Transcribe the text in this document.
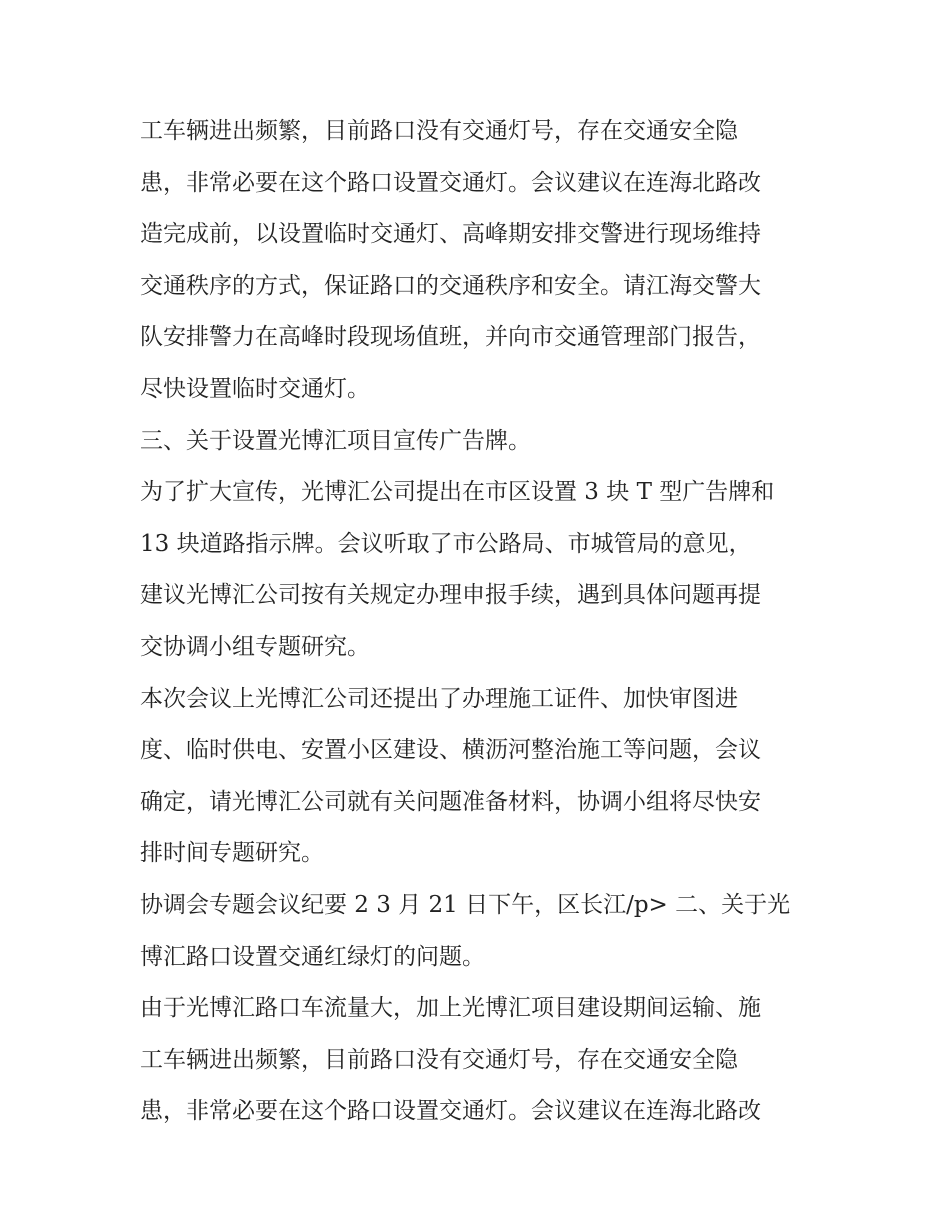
工车辆进出频繁，目前路口没有交通灯号，存在交通安全隐
患，非常必要在这个路口设置交通灯。会议建议在连海北路改
造完成前，以设置临时交通灯、高峰期安排交警进行现场维持
交通秩序的方式，保证路口的交通秩序和安全。请江海交警大
队安排警力在高峰时段现场值班，并向市交通管理部门报告，
尽快设置临时交通灯。
三、关于设置光博汇项目宣传广告牌。
为了扩大宣传，光博汇公司提出在市区设置 3 块 T 型广告牌和
13 块道路指示牌。会议听取了市公路局、市城管局的意见，
建议光博汇公司按有关规定办理申报手续，遇到具体问题再提
交协调小组专题研究。
本次会议上光博汇公司还提出了办理施工证件、加快审图进
度、临时供电、安置小区建设、横沥河整治施工等问题，会议
确定，请光博汇公司就有关问题准备材料，协调小组将尽快安
排时间专题研究。
协调会专题会议纪要 2 3 月 21 日下午，区长江/p> 二、关于光
博汇路口设置交通红绿灯的问题。
由于光博汇路口车流量大，加上光博汇项目建设期间运输、施
工车辆进出频繁，目前路口没有交通灯号，存在交通安全隐
患，非常必要在这个路口设置交通灯。会议建议在连海北路改
